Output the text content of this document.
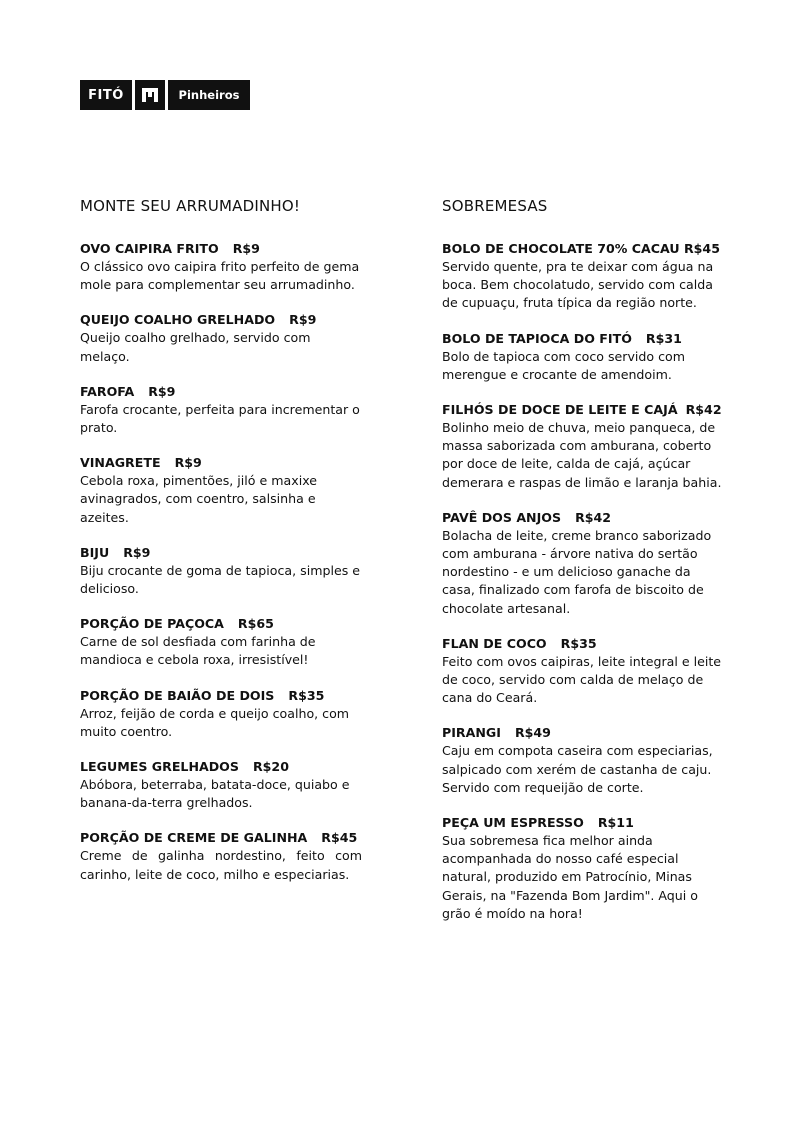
FITÓ	Pinheiros
MONTE SEU ARRUMADINHO!
OVO CAIPIRA FRITO R$9

O clássico ovo caipira frito perfeito de gema mole para complementar seu arrumadinho.

QUEIJO COALHO GRELHADO R$9

Queijo coalho grelhado, servido com melaço.

FAROFA R$9

Farofa crocante, perfeita para incrementar o prato.

VINAGRETE R$9

Cebola roxa, pimentões, jiló e maxixe avinagrados, com coentro, salsinha e azeites.

BIJU R$9

Biju crocante de goma de tapioca, simples e delicioso.

PORÇÃO DE PAÇOCA R$65

Carne de sol desfiada com farinha de mandioca e cebola roxa, irresistível!

PORÇÃO DE BAIÃO DE DOIS R$35

Arroz, feijão de corda e queijo coalho, com muito coentro.

LEGUMES GRELHADOS R$20

Abóbora, beterraba, batata-doce, quiabo e banana-da-terra grelhados.

PORÇÃO DE CREME DE GALINHA R$45

Creme de galinha nordestino, feito com carinho, leite de coco, milho e especiarias.

SOBREMESAS
BOLO DE CHOCOLATE 70% CACAU R$45

Servido quente, pra te deixar com água na boca. Bem chocolatudo, servido com calda de cupuaçu, fruta típica da região norte.

BOLO DE TAPIOCA DO FITÓ R$31

Bolo de tapioca com coco servido com merengue e crocante de amendoim.

FILHÓS DE DOCE DE LEITE E CAJÁ R$42

Bolinho meio de chuva, meio panqueca, de massa saborizada com amburana, coberto por doce de leite, calda de cajá, açúcar demerara e raspas de limão e laranja bahia.

PAVÊ DOS ANJOS R$42

Bolacha de leite, creme branco saborizado com amburana - árvore nativa do sertão nordestino - e um delicioso ganache da casa, finalizado com farofa de biscoito de chocolate artesanal.

FLAN DE COCO R$35

Feito com ovos caipiras, leite integral e leite de coco, servido com calda de melaço de cana do Ceará.

PIRANGI R$49

Caju em compota caseira com especiarias, salpicado com xerém de castanha de caju. Servido com requeijão de corte.

PEÇA UM ESPRESSO R$11

Sua sobremesa fica melhor ainda acompanhada do nosso café especial natural, produzido em Patrocínio, Minas Gerais, na "Fazenda Bom Jardim". Aqui o grão é moído na hora!
